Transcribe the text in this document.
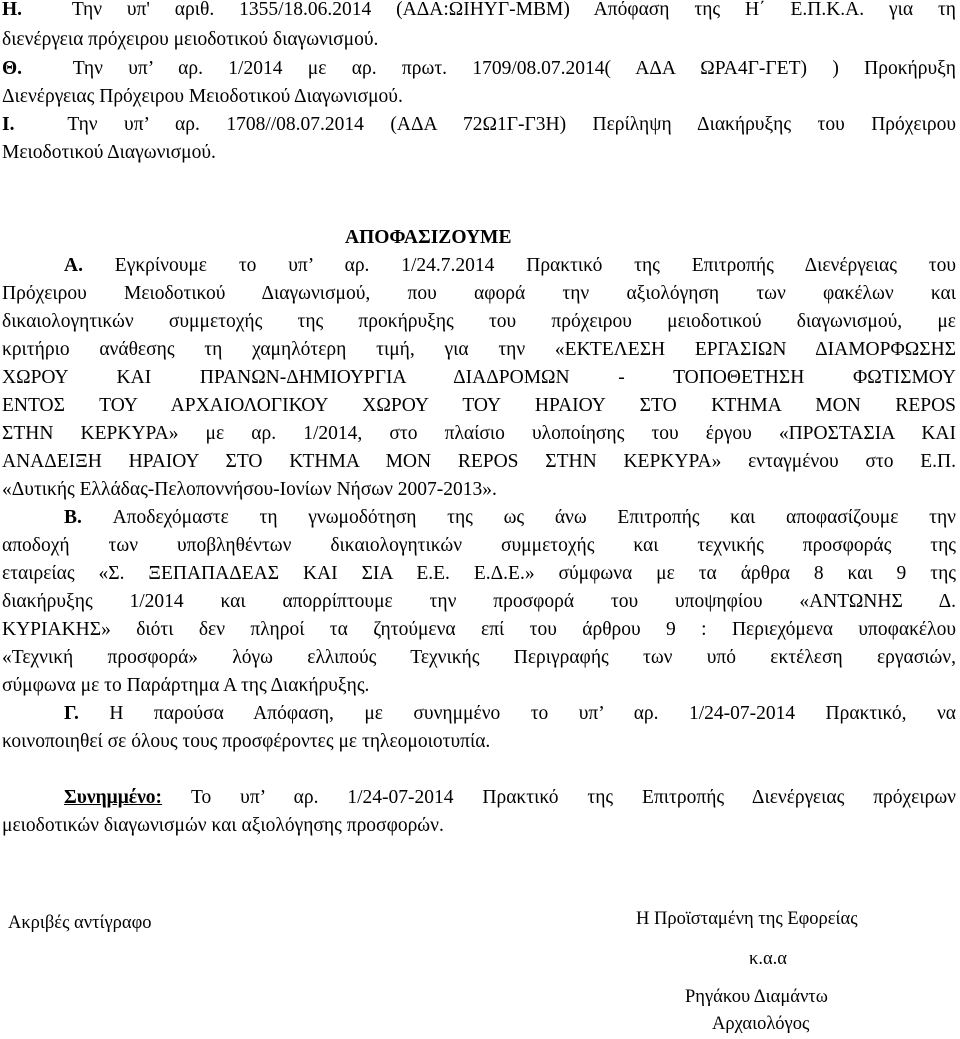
Η.	Την υπ' αριθ. 1355/18.06.2014 (ΑΔΑ:ΩΙΗΥΓ-ΜΒΜ) Απόφαση της Η΄ Ε.Π.Κ.Α. για τη
διενέργεια πρόχειρου μειοδοτικού διαγωνισμού.
Θ.	Την υπ’ αρ. 1/2014 με αρ. πρωτ. 1709/08.07.2014( ΑΔΑ ΩΡΑ4Γ-ΓΕΤ) ) Προκήρυξη
Διενέργειας Πρόχειρου Μειοδοτικού Διαγωνισμού.
Ι.	Την υπ’ αρ. 1708//08.07.2014 (ΑΔΑ 72Ω1Γ-Γ3Η) Περίληψη Διακήρυξης του Πρόχειρου
Μειοδοτικού Διαγωνισμού.
ΑΠΟΦΑΣΙΖΟΥΜΕ
Α. Εγκρίνουμε το υπ’ αρ. 1/24.7.2014 Πρακτικό της Επιτροπής Διενέργειας του
Πρόχειρου Μειοδοτικού Διαγωνισμού, που αφορά την αξιολόγηση των φακέλων και
δικαιολογητικών συμμετοχής της προκήρυξης του πρόχειρου μειοδοτικού διαγωνισμού, με
κριτήριο ανάθεσης τη χαμηλότερη τιμή, για την «ΕΚΤΕΛΕΣΗ ΕΡΓΑΣΙΩΝ ΔΙΑΜΟΡΦΩΣΗΣ
ΧΩΡΟΥ ΚΑΙ ΠΡΑΝΩΝ-ΔΗΜΙΟΥΡΓΙΑ ΔΙΑΔΡΟΜΩΝ - ΤΟΠΟΘΕΤΗΣΗ ΦΩΤΙΣΜΟΥ
ΕΝΤΟΣ ΤΟΥ ΑΡΧΑΙΟΛΟΓΙΚΟΥ ΧΩΡΟΥ ΤΟΥ ΗΡΑΙΟΥ ΣΤΟ ΚΤΗΜΑ MON REPOS
ΣΤΗΝ ΚΕΡΚΥΡΑ» με αρ. 1/2014, στο πλαίσιο υλοποίησης του έργου «ΠΡΟΣΤΑΣΙΑ ΚΑΙ
ΑΝΑΔΕΙΞΗ ΗΡΑΙΟΥ ΣΤΟ ΚΤΗΜΑ MON REPOS ΣΤΗΝ ΚΕΡΚΥΡΑ» ενταγμένου στο Ε.Π.
«Δυτικής Ελλάδας-Πελοποννήσου-Ιονίων Νήσων 2007-2013».
Β. Αποδεχόμαστε τη γνωμοδότηση της ως άνω Επιτροπής και αποφασίζουμε την
αποδοχή των υποβληθέντων δικαιολογητικών συμμετοχής και τεχνικής προσφοράς της
εταιρείας «Σ. ΞΕΠΑΠΑΔΕΑΣ ΚΑΙ ΣΙΑ Ε.Ε. Ε.Δ.Ε.» σύμφωνα με τα άρθρα 8 και 9 της
διακήρυξης 1/2014 και απορρίπτουμε την προσφορά του υποψηφίου «ΑΝΤΩΝΗΣ Δ.
ΚΥΡΙΑΚΗΣ» διότι δεν πληροί τα ζητούμενα επί του άρθρου 9 : Περιεχόμενα υποφακέλου
«Τεχνική προσφορά» λόγω ελλιπούς Τεχνικής Περιγραφής των υπό εκτέλεση εργασιών,
σύμφωνα με το Παράρτημα Α της Διακήρυξης.
Γ. Η παρούσα Απόφαση, με συνημμένο το υπ’ αρ. 1/24-07-2014 Πρακτικό, να
κοινοποιηθεί σε όλους τους προσφέροντες με τηλεομοιοτυπία.
Συνημμένο: Το υπ’ αρ. 1/24-07-2014 Πρακτικό της Επιτροπής Διενέργειας πρόχειρων
μειοδοτικών διαγωνισμών και αξιολόγησης προσφορών.
Ακριβές αντίγραφο	Η Προϊσταμένη της Εφορείας
κ.α.α
Ρηγάκου Διαμάντω
Αρχαιολόγος
